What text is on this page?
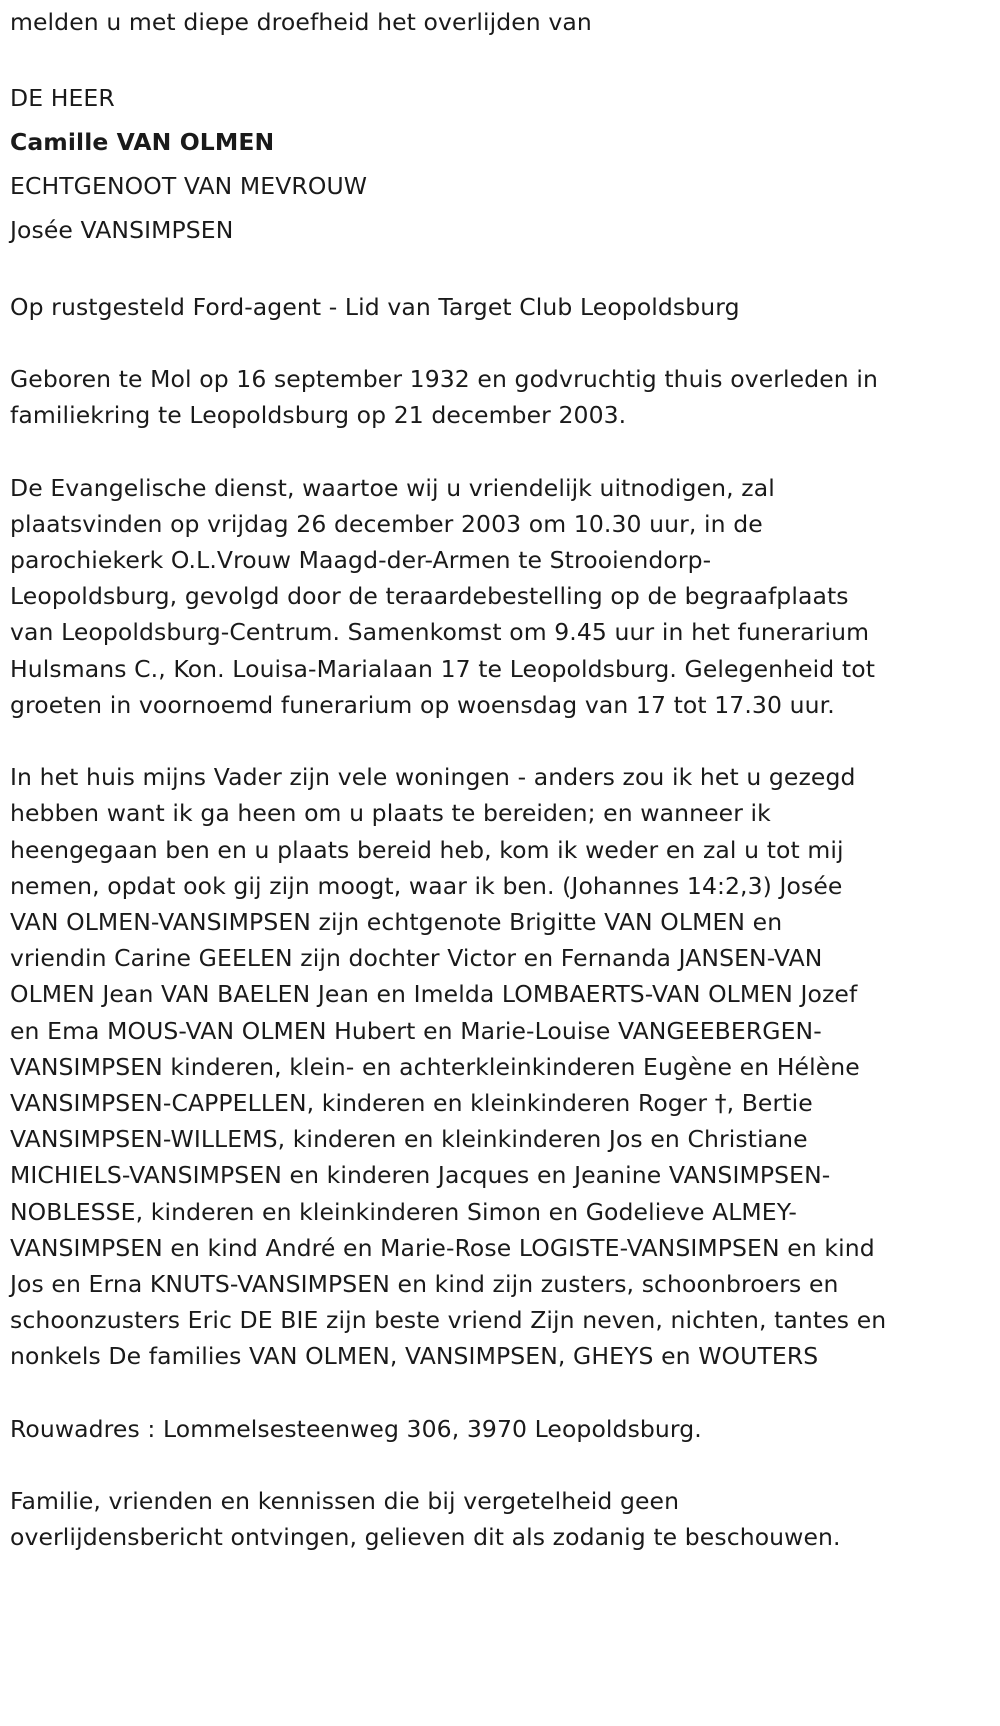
melden u met diepe droefheid het overlijden van
DE HEER
Camille VAN OLMEN
ECHTGENOOT VAN MEVROUW
Josée VANSIMPSEN
Op rustgesteld Ford-agent - Lid van Target Club Leopoldsburg
Geboren te Mol op 16 september 1932 en godvruchtig thuis overleden in
familiekring te Leopoldsburg op 21 december 2003.
De Evangelische dienst, waartoe wij u vriendelijk uitnodigen, zal
plaatsvinden op vrijdag 26 december 2003 om 10.30 uur, in de
parochiekerk O.L.Vrouw Maagd-der-Armen te Strooiendorp-
Leopoldsburg, gevolgd door de teraardebestelling op de begraafplaats
van Leopoldsburg-Centrum. Samenkomst om 9.45 uur in het funerarium
Hulsmans C., Kon. Louisa-Marialaan 17 te Leopoldsburg. Gelegenheid tot
groeten in voornoemd funerarium op woensdag van 17 tot 17.30 uur.
In het huis mijns Vader zijn vele woningen - anders zou ik het u gezegd
hebben want ik ga heen om u plaats te bereiden; en wanneer ik
heengegaan ben en u plaats bereid heb, kom ik weder en zal u tot mij
nemen, opdat ook gij zijn moogt, waar ik ben. (Johannes 14:2,3) Josée
VAN OLMEN-VANSIMPSEN zijn echtgenote Brigitte VAN OLMEN en
vriendin Carine GEELEN zijn dochter Victor en Fernanda JANSEN-VAN
OLMEN Jean VAN BAELEN Jean en Imelda LOMBAERTS-VAN OLMEN Jozef
en Ema MOUS-VAN OLMEN Hubert en Marie-Louise VANGEEBERGEN-
VANSIMPSEN kinderen, klein- en achterkleinkinderen Eugène en Hélène
VANSIMPSEN-CAPPELLEN, kinderen en kleinkinderen Roger †, Bertie
VANSIMPSEN-WILLEMS, kinderen en kleinkinderen Jos en Christiane
MICHIELS-VANSIMPSEN en kinderen Jacques en Jeanine VANSIMPSEN-
NOBLESSE, kinderen en kleinkinderen Simon en Godelieve ALMEY-
VANSIMPSEN en kind André en Marie-Rose LOGISTE-VANSIMPSEN en kind
Jos en Erna KNUTS-VANSIMPSEN en kind zijn zusters, schoonbroers en
schoonzusters Eric DE BIE zijn beste vriend Zijn neven, nichten, tantes en
nonkels De families VAN OLMEN, VANSIMPSEN, GHEYS en WOUTERS
Rouwadres : Lommelsesteenweg 306, 3970 Leopoldsburg.
Familie, vrienden en kennissen die bij vergetelheid geen
overlijdensbericht ontvingen, gelieven dit als zodanig te beschouwen.
